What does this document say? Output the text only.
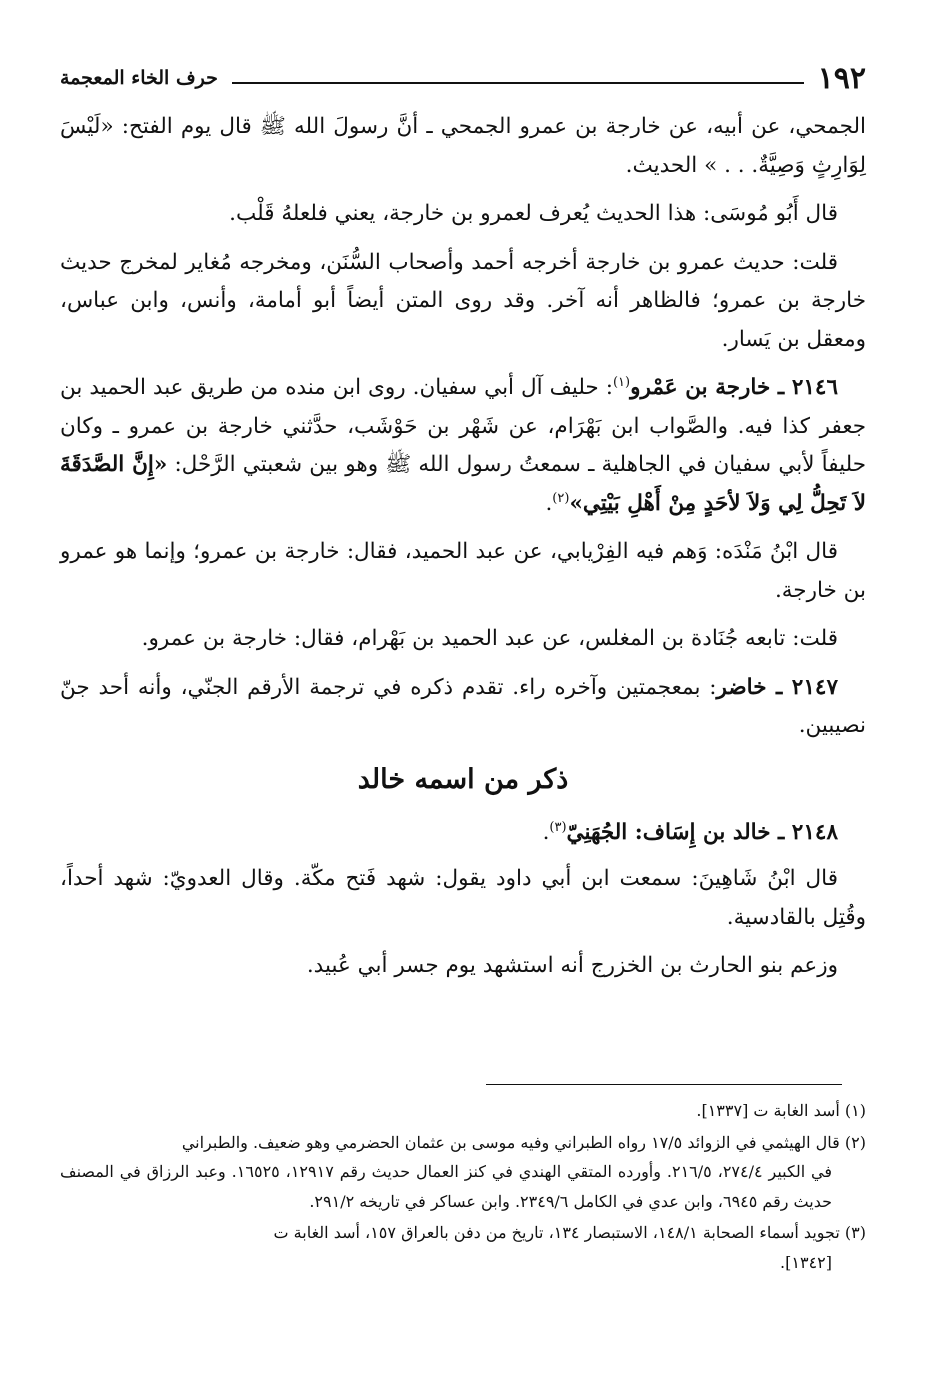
١٩٢
حرف الخاء المعجمة

الجمحي، عن أبيه، عن خارجة بن عمرو الجمحي ـ أنَّ رسولَ الله ﷺ قال يوم الفتح: «لَيْسَ لِوَارِثٍ وَصِيَّةٌ. . . » الحديث.

قال أَبُو مُوسَى: هذا الحديث يُعرف لعمرو بن خارجة، يعني فلعلهُ قَلْب.

قلت: حديث عمرو بن خارجة أخرجه أحمد وأصحاب السُّنَن، ومخرجه مُغاير لمخرج حديث خارجة بن عمرو؛ فالظاهر أنه آخر. وقد روى المتن أيضاً أبو أمامة، وأنس، وابن عباس، ومعقل بن يَسار.

٢١٤٦ ـ خارجة بن عَمْرو$^{(١)}$: حليف آل أبي سفيان. روى ابن منده من طريق عبد الحميد بن جعفر كذا فيه. والصَّواب ابن بَهْرَام، عن شَهْر بن حَوْشَب، حدَّثني خارجة بن عمرو ـ وكان حليفاً لأبي سفيان في الجاهلية ـ سمعتُ رسول الله ﷺ وهو بين شعبتي الرَّحْل: «إِنَّ الصَّدَقَةَ لاَ تَحِلُّ لِي وَلاَ لأحَدٍ مِنْ أَهْلِ بَيْتِي»$^{(٢)}$.

قال ابْنُ مَنْدَه: وَهم فيه الفِرْيابي، عن عبد الحميد، فقال: خارجة بن عمرو؛ وإنما هو عمرو بن خارجة.

قلت: تابعه جُنَادة بن المغلس، عن عبد الحميد بن بَهْرام، فقال: خارجة بن عمرو.

٢١٤٧ ـ خاضر: بمعجمتين وآخره راء. تقدم ذكره في ترجمة الأرقم الجنّي، وأنه أحد جنّ نصيبين.

ذكر من اسمه خالد

٢١٤٨ ـ خالد بن إِسَاف: الجُهَنِيّ$^{(٣)}$.

قال ابْنُ شَاهِينَ: سمعت ابن أبي داود يقول: شهد فَتح مكّة. وقال العدويّ: شهد أحداً، وقُتِل بالقادسية.

وزعم بنو الحارث بن الخزرج أنه استشهد يوم جسر أبي عُبيد.

(١) أسد الغابة ت [١٣٣٧].

(٢) قال الهيثمي في الزوائد ١٧/٥ رواه الطبراني وفيه موسى بن عثمان الحضرمي وهو ضعيف. والطبراني
في الكبير ٢٧٤/٤، ٢١٦/٥. وأورده المتقي الهندي في كنز العمال حديث رقم ١٢٩١٧، ١٦٥٢٥. وعبد الرزاق في المصنف حديث رقم ٦٩٤٥، وابن عدي في الكامل ٢٣٤٩/٦. وابن عساكر في تاريخه ٢٩١/٢.

(٣) تجويد أسماء الصحابة ١٤٨/١، الاستبصار ١٣٤، تاريخ من دفن بالعراق ١٥٧، أسد الغابة ت
[١٣٤٢].
